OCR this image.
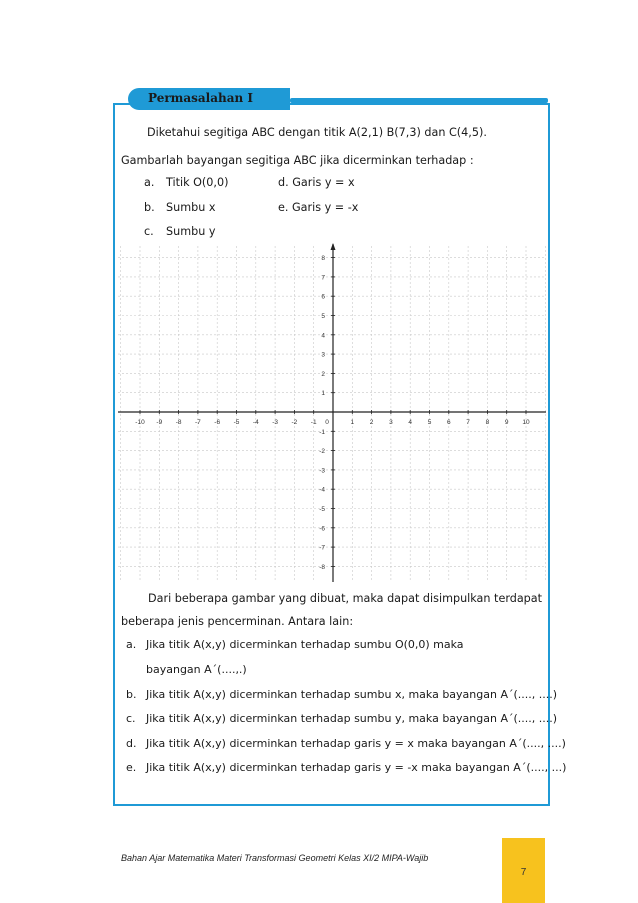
Permasalahan I
Diketahui segitiga ABC dengan titik A(2,1) B(7,3) dan C(4,5).
Gambarlah bayangan segitiga ABC jika dicerminkan terhadap :
a. Titik O(0,0)
b. Sumbu x
c. Sumbu y
d. Garis y = x
e. Garis y = -x
-10 -9 -8 -7 -6 -5 -4 -3 -2 -1 0	1 2 3 4 5 6 7 8 9 10
8
7
6
5
4
3
2
1
-1
-2
-3
-4
-5
-6
-7
-8
Dari beberapa gambar yang dibuat, maka dapat disimpulkan terdapat
beberapa jenis pencerminan. Antara lain:
a. Jika titik A(x,y) dicerminkan terhadap sumbu O(0,0) maka
bayangan A´(....,.)
b. Jika titik A(x,y) dicerminkan terhadap sumbu x, maka bayangan A´(...., ....)
c. Jika titik A(x,y) dicerminkan terhadap sumbu y, maka bayangan A´(...., ....)
d. Jika titik A(x,y) dicerminkan terhadap garis y = x maka bayangan A´(...., ....)
e. Jika titik A(x,y) dicerminkan terhadap garis y = -x maka bayangan A´(...., ...)
Bahan Ajar Matematika Materi Transformasi Geometri Kelas XI/2 MIPA-Wajib
7
